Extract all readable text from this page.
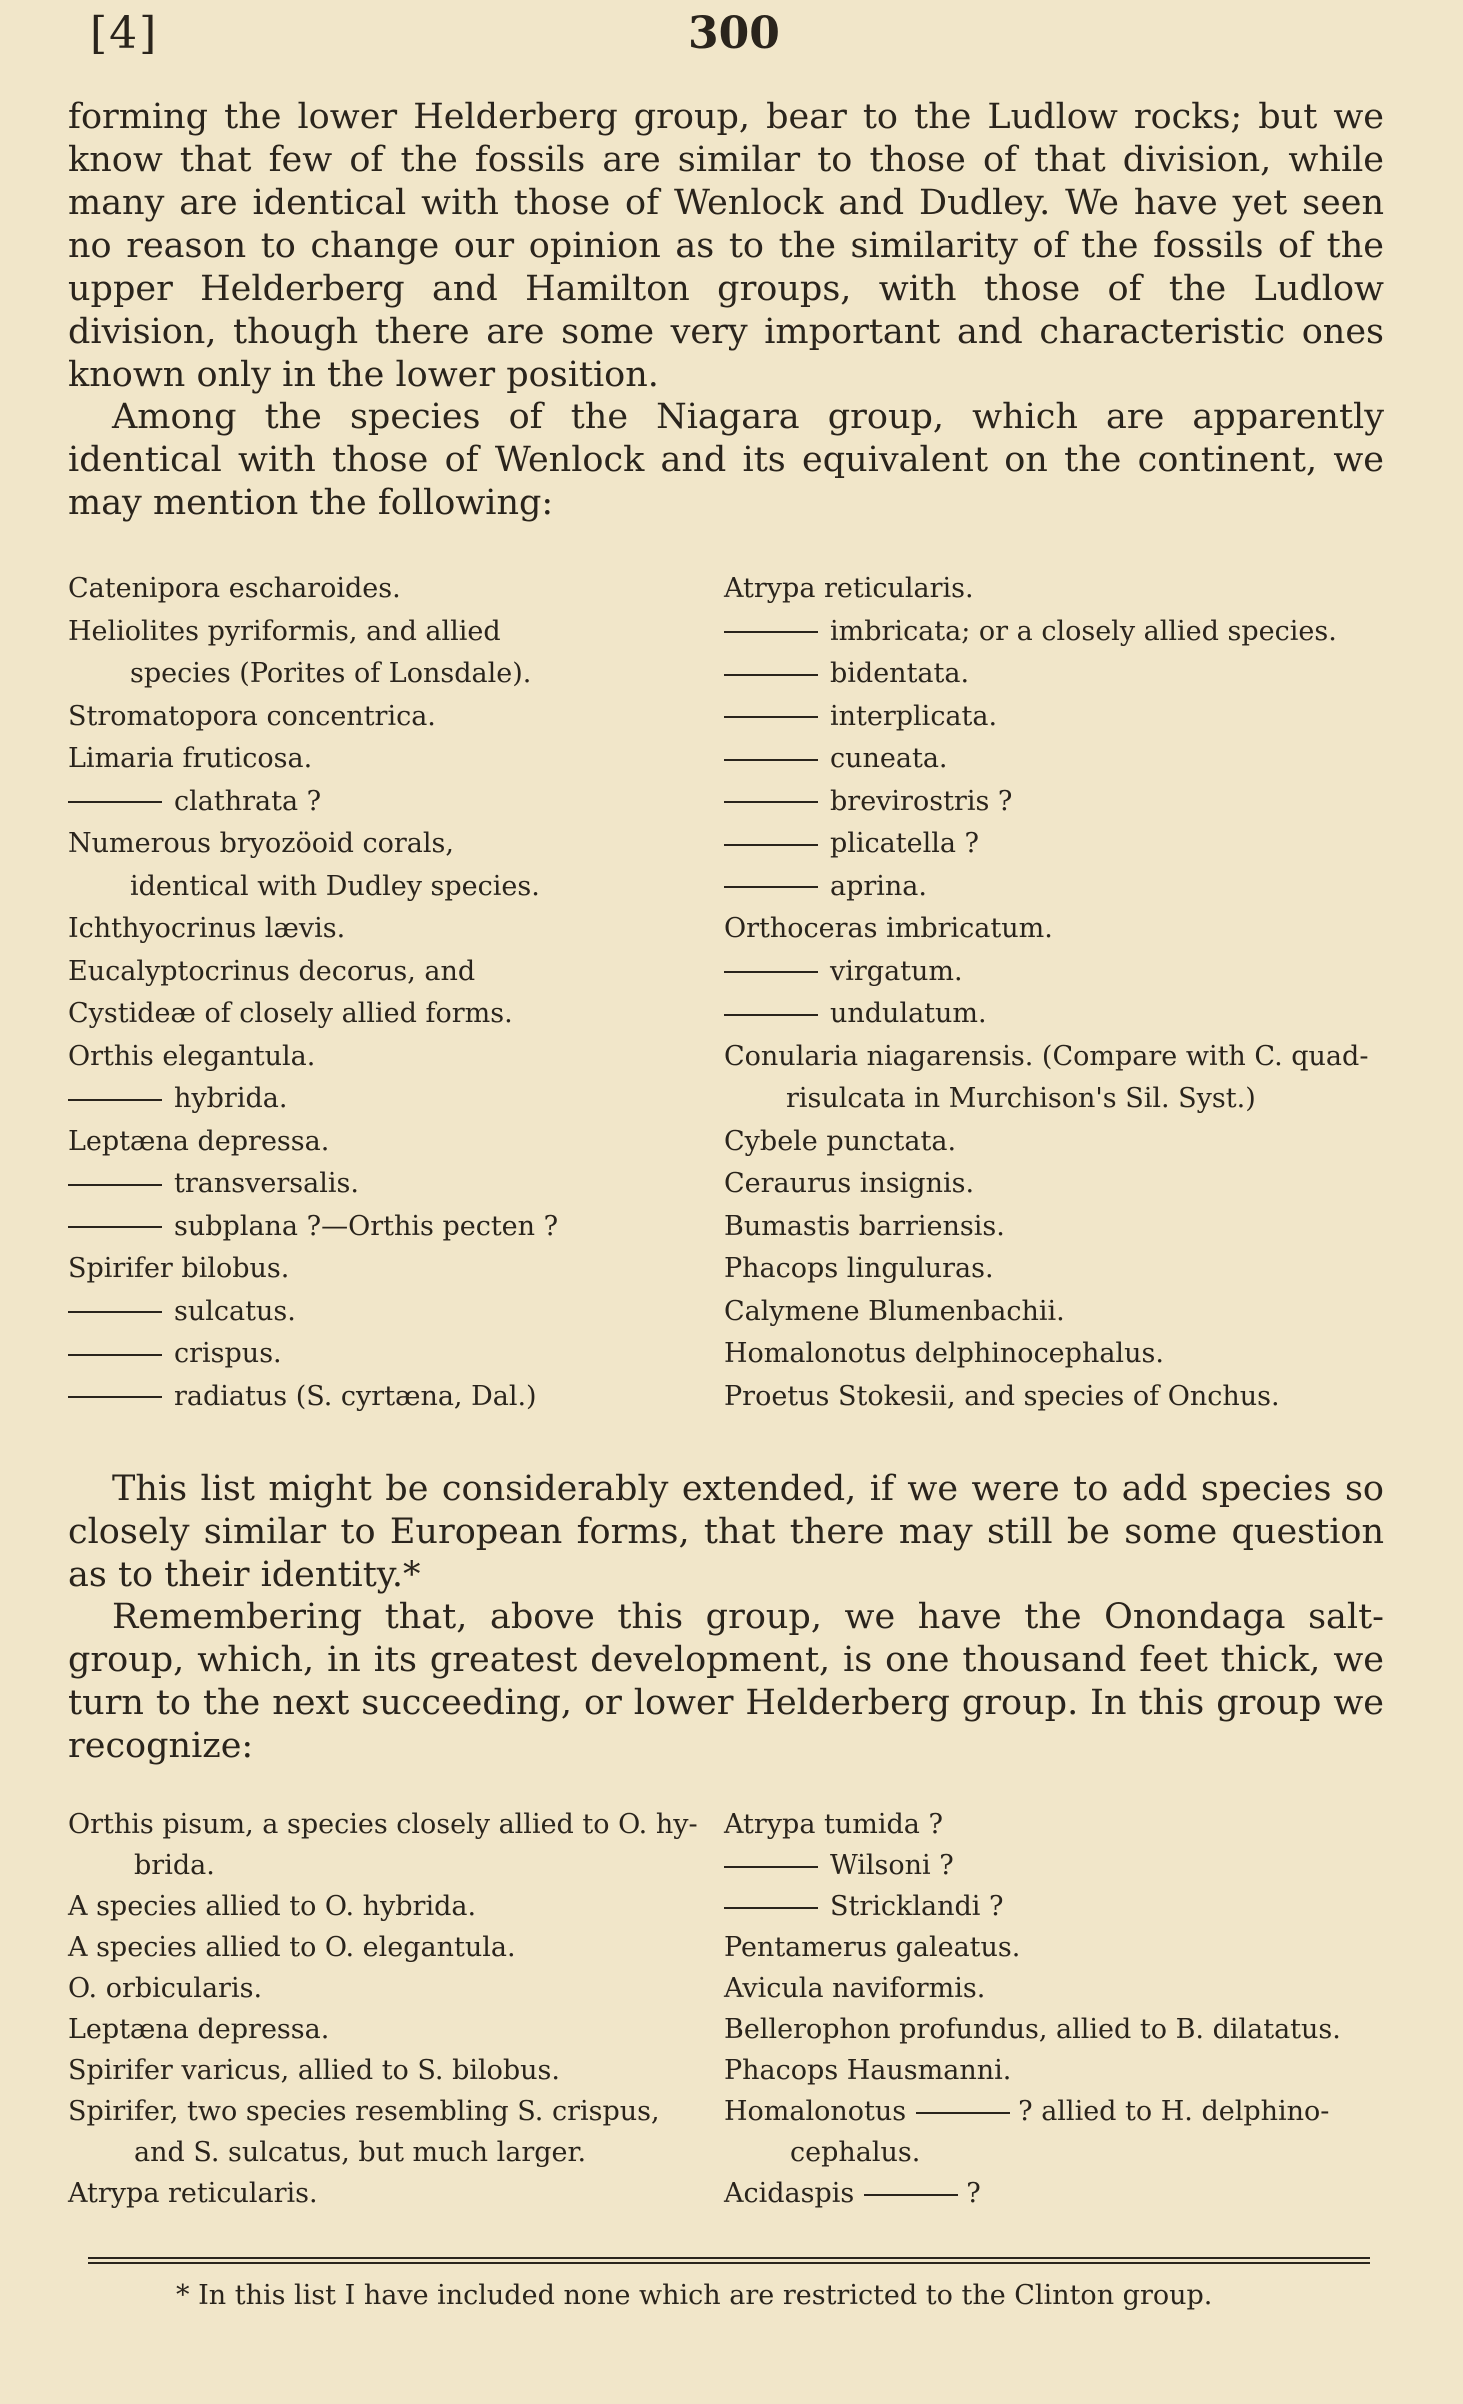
[4]	300

forming the lower Helderberg group, bear to the Ludlow rocks; but we know that few of the fossils are similar to those of that division, while many are identical with those of Wenlock and Dudley. We have yet seen no reason to change our opinion as to the similarity of the fossils of the upper Helderberg and Hamilton groups, with those of the Ludlow division, though there are some very important and characteristic ones known only in the lower position.

Among the species of the Niagara group, which are apparently identical with those of Wenlock and its equivalent on the continent, we may mention the following:

Catenipora escharoides.
Heliolites pyriformis, and allied
species (Porites of Lonsdale).
Stromatopora concentrica.
Limaria fruticosa.
clathrata ?
Numerous bryozöoid corals,
identical with Dudley species.
Ichthyocrinus lævis.
Eucalyptocrinus decorus, and
Cystideæ of closely allied forms.
Orthis elegantula.
hybrida.
Leptæna depressa.
transversalis.
subplana ?—Orthis pecten ?
Spirifer bilobus.
sulcatus.
crispus.
radiatus (S. cyrtæna, Dal.)
Atrypa reticularis.
imbricata; or a closely allied species.
bidentata.
interplicata.
cuneata.
brevirostris ?
plicatella ?
aprina.
Orthoceras imbricatum.
virgatum.
undulatum.
Conularia niagarensis. (Compare with C. quad-
risulcata in Murchison's Sil. Syst.)
Cybele punctata.
Ceraurus insignis.
Bumastis barriensis.
Phacops linguluras.
Calymene Blumenbachii.
Homalonotus delphinocephalus.
Proetus Stokesii, and species of Onchus.

This list might be considerably extended, if we were to add species so closely similar to European forms, that there may still be some question as to their identity.*

Remembering that, above this group, we have the Onondaga salt-group, which, in its greatest development, is one thousand feet thick, we turn to the next succeeding, or lower Helderberg group. In this group we recognize:

Orthis pisum, a species closely allied to O. hy-
brida.
A species allied to O. hybrida.
A species allied to O. elegantula.
O. orbicularis.
Leptæna depressa.
Spirifer varicus, allied to S. bilobus.
Spirifer, two species resembling S. crispus,
and S. sulcatus, but much larger.
Atrypa reticularis.
Atrypa tumida ?
Wilsoni ?
Stricklandi ?
Pentamerus galeatus.
Avicula naviformis.
Bellerophon profundus, allied to B. dilatatus.
Phacops Hausmanni.
Homalonotus	? allied to H. delphino-
cephalus.
Acidaspis	?

* In this list I have included none which are restricted to the Clinton group.
